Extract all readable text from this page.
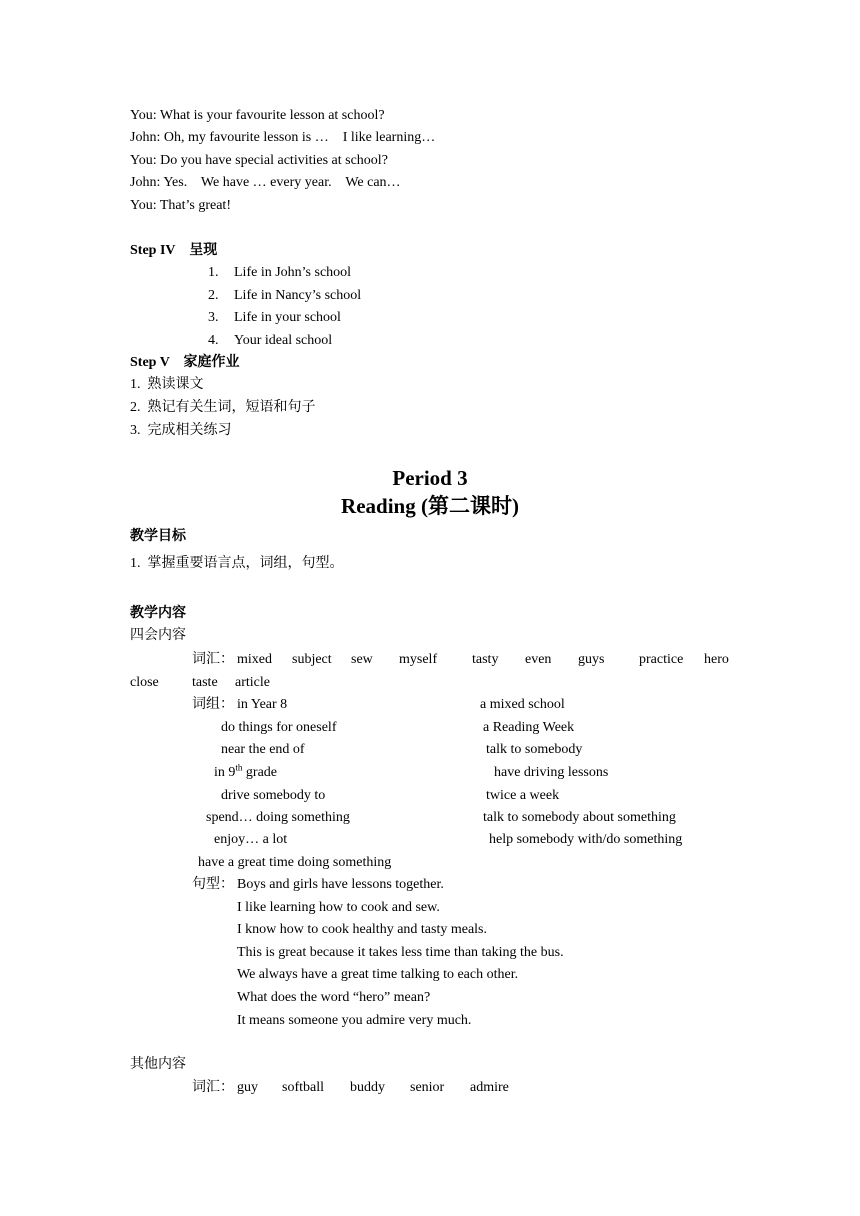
You: What is your favourite lesson at school?
John: Oh, my favourite lesson is …    I like learning…
You: Do you have special activities at school?
John: Yes.    We have … every year.    We can…
You: That’s great!
Step IV    呈现
1. Life in John’s school
2. Life in Nancy’s school
3. Life in your school
4. Your ideal school
Step V    家庭作业
1.  熟读课文
2.  熟记有关生词，短语和句子
3.  完成相关练习
Period 3
Reading (第二课时)
教学目标
1.  掌握重要语言点，词组，句型。
教学内容
四会内容
词汇： mixed subject sew myself tasty even guys practice hero
close taste article
词组： in Year 8	a mixed school
do things for oneself	a Reading Week
near the end of	talk to somebody
in 9th grade	have driving lessons
drive somebody to	twice a week
spend… doing something	talk to somebody about something
enjoy… a lot	help somebody with/do something
have a great time doing something
句型： Boys and girls have lessons together.
I like learning how to cook and sew.
I know how to cook healthy and tasty meals.
This is great because it takes less time than taking the bus.
We always have a great time talking to each other.
What does the word “hero” mean?
It means someone you admire very much.
其他内容
词汇： guy softball buddy senior admire
